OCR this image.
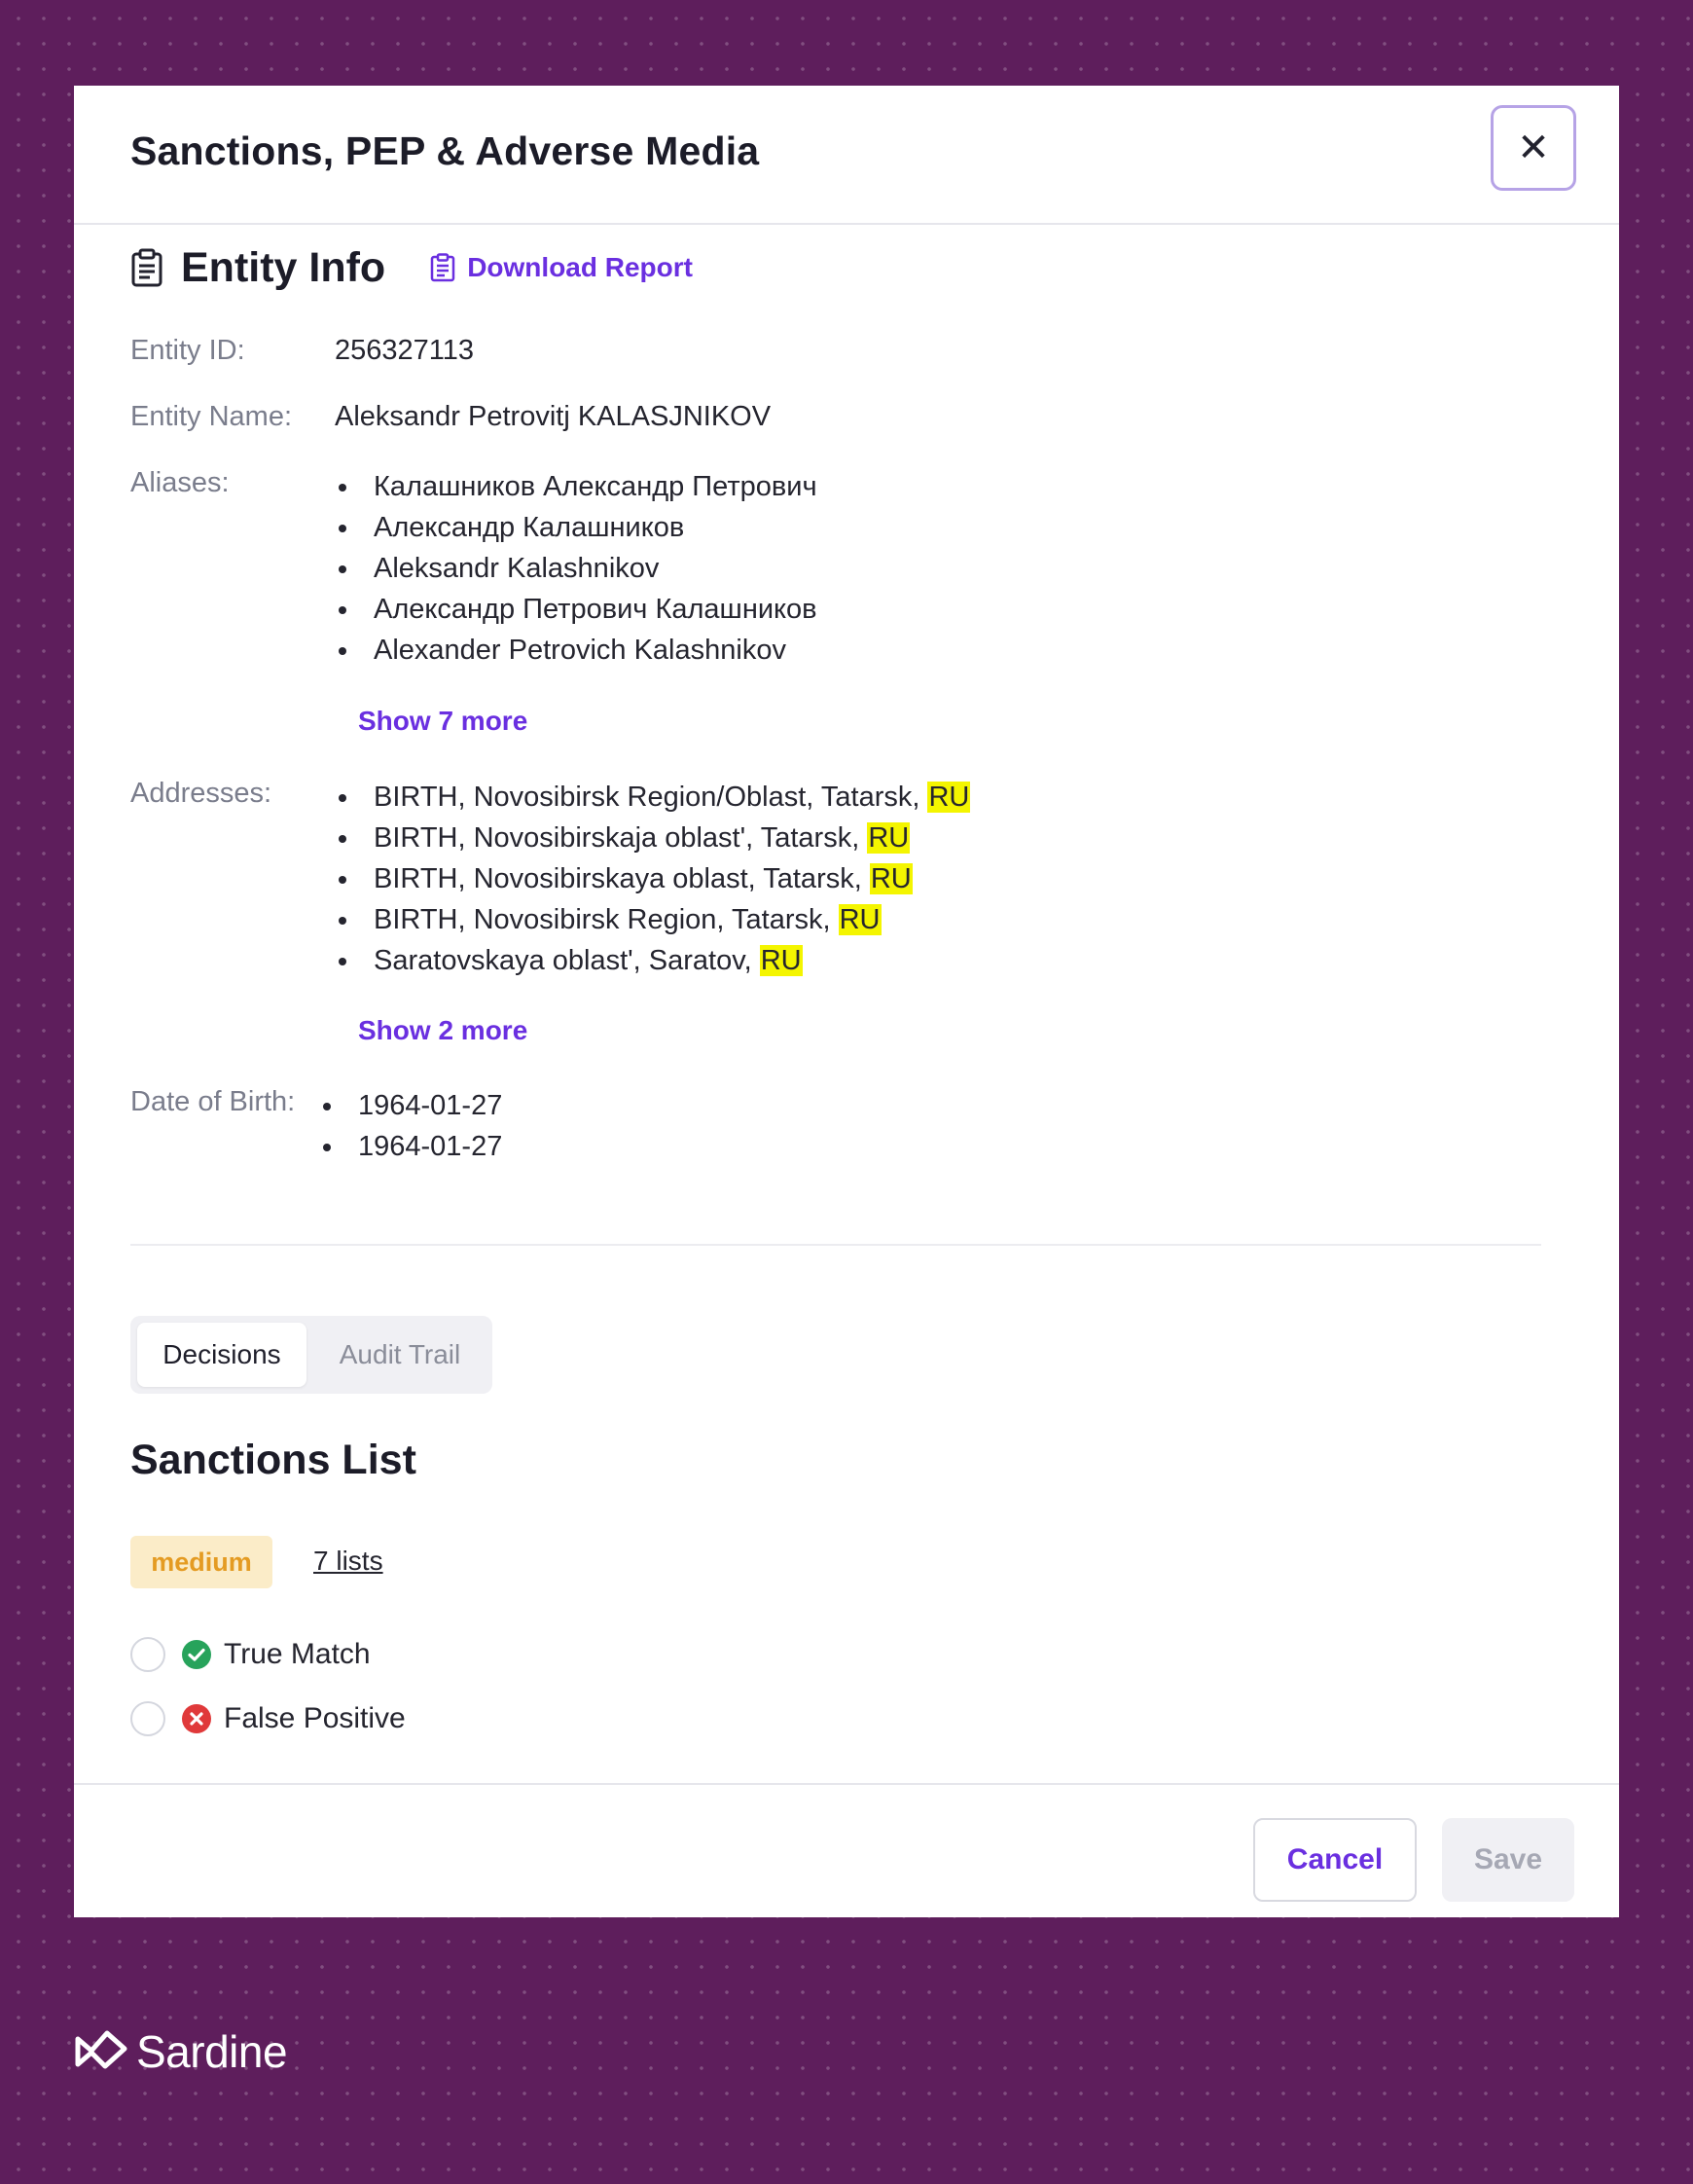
Sanctions, PEP & Adverse Media	✕
Entity Info	Download Report
Entity ID:	256327113
Entity Name: Aleksandr Petrovitj KALASJNIKOV
Aliases:	Калашников Александр Петрович
Александр Калашников
Aleksandr Kalashnikov
Александр Петрович Калашников
Alexander Petrovich Kalashnikov
Show 7 more
Addresses:	BIRTH, Novosibirsk Region/Oblast, Tatarsk, RU
BIRTH, Novosibirskaja oblast', Tatarsk, RU
BIRTH, Novosibirskaya oblast, Tatarsk, RU
BIRTH, Novosibirsk Region, Tatarsk, RU
Saratovskaya oblast', Saratov, RU
Show 2 more
Date of Birth: 1964-01-27
1964-01-27
Decisions	Audit Trail
Sanctions List
medium	7 lists
True Match
False Positive
Cancel	Save
Sardine
